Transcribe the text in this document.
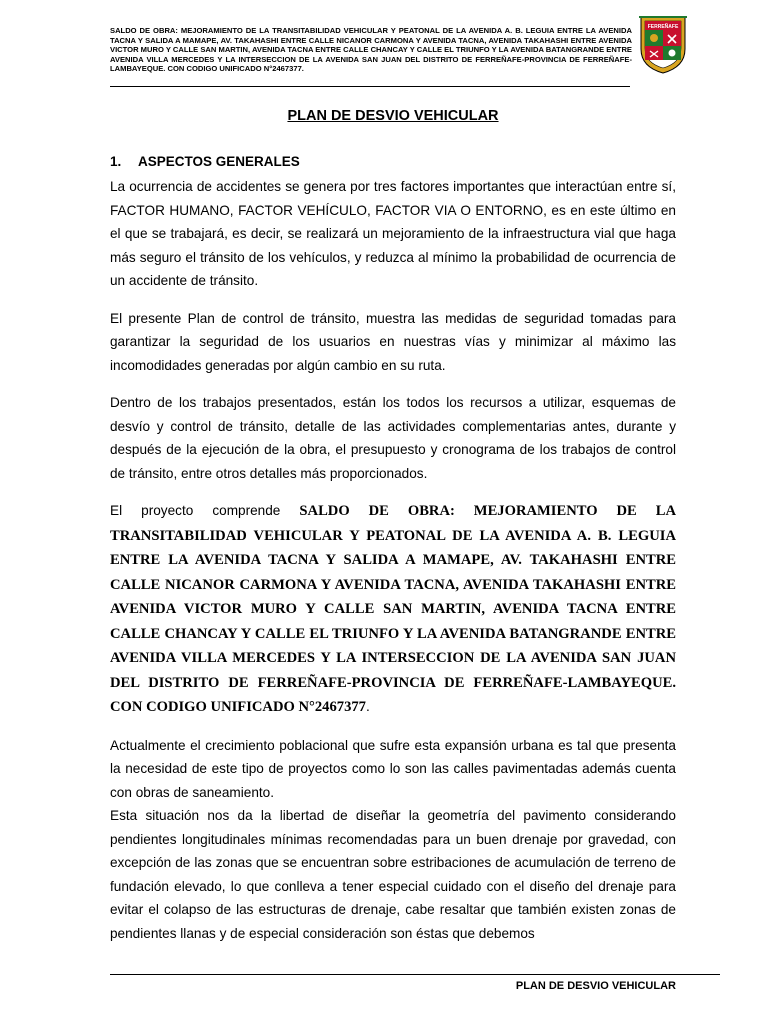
SALDO DE OBRA: MEJORAMIENTO DE LA TRANSITABILIDAD VEHICULAR Y PEATONAL DE LA AVENIDA A. B. LEGUIA ENTRE LA AVENIDA TACNA Y SALIDA A MAMAPE, AV. TAKAHASHI ENTRE CALLE NICANOR CARMONA Y AVENIDA TACNA, AVENIDA TAKAHASHI ENTRE AVENIDA VICTOR MURO Y CALLE SAN MARTIN, AVENIDA TACNA ENTRE CALLE CHANCAY Y CALLE EL TRIUNFO Y LA AVENIDA BATANGRANDE ENTRE AVENIDA VILLA MERCEDES Y LA INTERSECCION DE LA AVENIDA SAN JUAN DEL DISTRITO DE FERREÑAFE-PROVINCIA DE FERREÑAFE-LAMBAYEQUE. CON CODIGO UNIFICADO N°2467377.
FERREÑAFE
PLAN DE DESVIO VEHICULAR
1. ASPECTOS GENERALES

La ocurrencia de accidentes se genera por tres factores importantes que interactúan entre sí, FACTOR HUMANO, FACTOR VEHÍCULO, FACTOR VIA O ENTORNO, es en este último en el que se trabajará, es decir, se realizará un mejoramiento de la infraestructura vial que haga más seguro el tránsito de los vehículos, y reduzca al mínimo la probabilidad de ocurrencia de un accidente de tránsito.

El presente Plan de control de tránsito, muestra las medidas de seguridad tomadas para garantizar la seguridad de los usuarios en nuestras vías y minimizar al máximo las incomodidades generadas por algún cambio en su ruta.

Dentro de los trabajos presentados, están los todos los recursos a utilizar, esquemas de desvío y control de tránsito, detalle de las actividades complementarias antes, durante y después de la ejecución de la obra, el presupuesto y cronograma de los trabajos de control de tránsito, entre otros detalles más proporcionados.

El proyecto comprende SALDO DE OBRA: MEJORAMIENTO DE LA TRANSITABILIDAD VEHICULAR Y PEATONAL DE LA AVENIDA A. B. LEGUIA ENTRE LA AVENIDA TACNA Y SALIDA A MAMAPE, AV. TAKAHASHI ENTRE CALLE NICANOR CARMONA Y AVENIDA TACNA, AVENIDA TAKAHASHI ENTRE AVENIDA VICTOR MURO Y CALLE SAN MARTIN, AVENIDA TACNA ENTRE CALLE CHANCAY Y CALLE EL TRIUNFO Y LA AVENIDA BATANGRANDE ENTRE AVENIDA VILLA MERCEDES Y LA INTERSECCION DE LA AVENIDA SAN JUAN DEL DISTRITO DE FERREÑAFE-PROVINCIA DE FERREÑAFE-LAMBAYEQUE. CON CODIGO UNIFICADO N°2467377.

Actualmente el crecimiento poblacional que sufre esta expansión urbana es tal que presenta la necesidad de este tipo de proyectos como lo son las calles pavimentadas además cuenta con obras de saneamiento.

Esta situación nos da la libertad de diseñar la geometría del pavimento considerando pendientes longitudinales mínimas recomendadas para un buen drenaje por gravedad, con excepción de las zonas que se encuentran sobre estribaciones de acumulación de terreno de fundación elevado, lo que conlleva a tener especial cuidado con el diseño del drenaje para evitar el colapso de las estructuras de drenaje, cabe resaltar que también existen zonas de pendientes llanas y de especial consideración son éstas que debemos

PLAN DE DESVIO VEHICULAR
